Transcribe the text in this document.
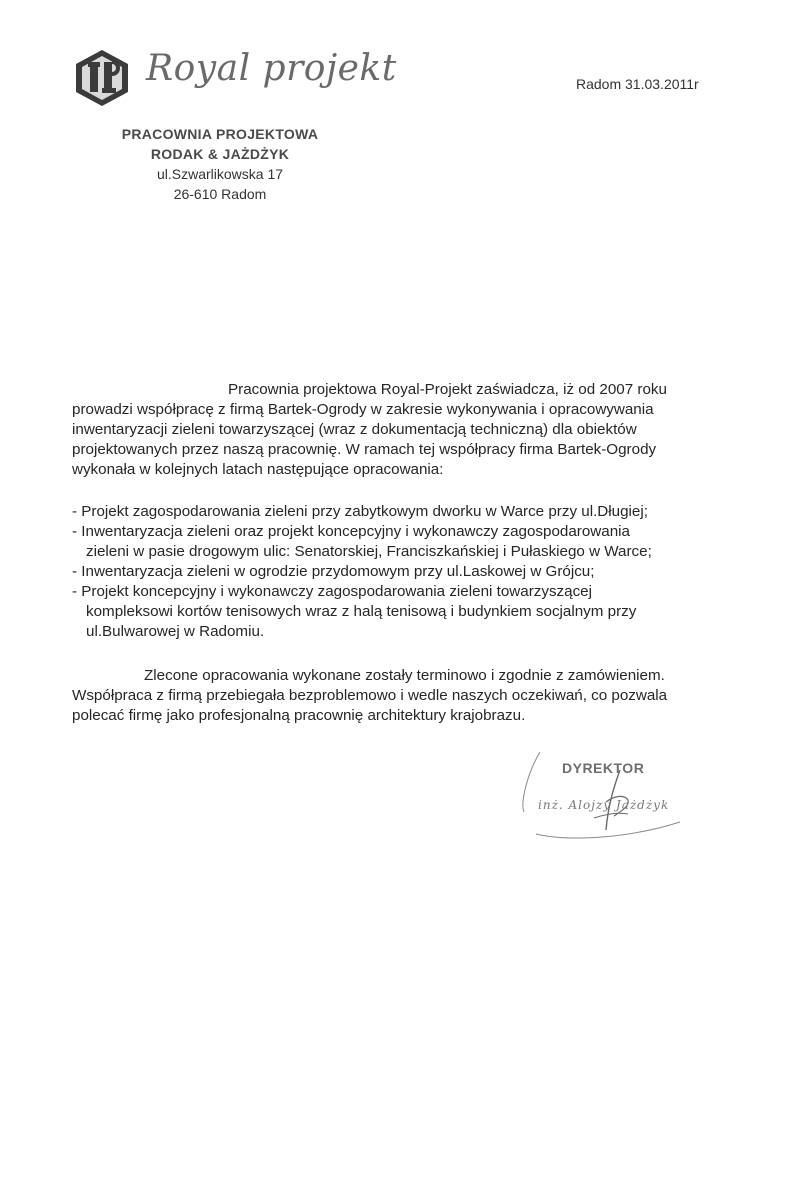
Royal projekt
PRACOWNIA PROJEKTOWA
RODAK & JAŻDŻYK
ul.Szwarlikowska 17
26-610 Radom
Radom 31.03.2011r
Pracownia projektowa Royal-Projekt zaświadcza, iż od 2007 roku
prowadzi współpracę z firmą Bartek-Ogrody w zakresie wykonywania i opracowywania
inwentaryzacji zieleni towarzyszącej (wraz z dokumentacją techniczną) dla obiektów
projektowanych przez naszą pracownię. W ramach tej współpracy firma Bartek-Ogrody
wykonała w kolejnych latach następujące opracowania:
- Projekt zagospodarowania zieleni przy zabytkowym dworku w Warce przy ul.Długiej;
- Inwentaryzacja zieleni oraz projekt koncepcyjny i wykonawczy zagospodarowania
zieleni w pasie drogowym ulic: Senatorskiej, Franciszkańskiej i Pułaskiego w Warce;
- Inwentaryzacja zieleni w ogrodzie przydomowym przy ul.Laskowej w Grójcu;
- Projekt koncepcyjny i wykonawczy zagospodarowania zieleni towarzyszącej
kompleksowi kortów tenisowych wraz z halą tenisową i budynkiem socjalnym przy
ul.Bulwarowej w Radomiu.
Zlecone opracowania wykonane zostały terminowo i zgodnie z zamówieniem.
Współpraca z firmą przebiegała bezproblemowo i wedle naszych oczekiwań, co pozwala
polecać firmę jako profesjonalną pracownię architektury krajobrazu.
DYREKTOR
inż. Alojzy Jażdżyk
